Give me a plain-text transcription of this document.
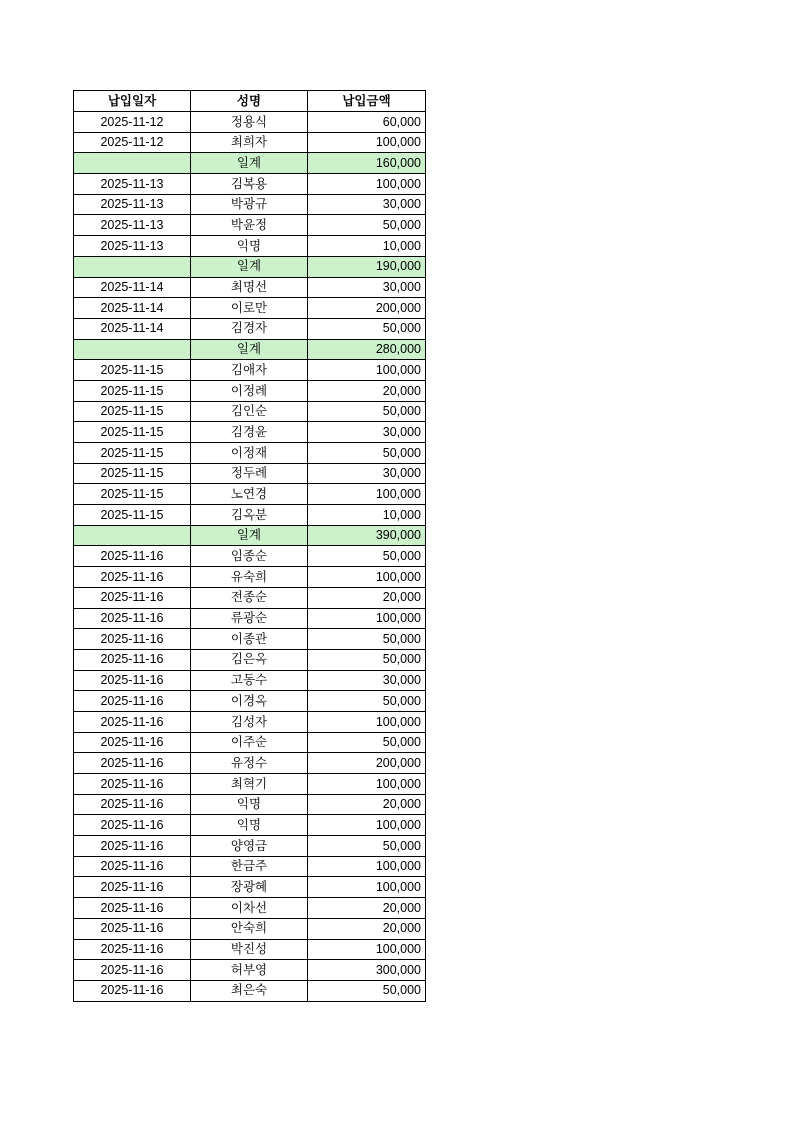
납입일자	성명	납입금액
2025-11-12	정용식	60,000
2025-11-12	최희자	100,000
	일계	160,000
2025-11-13	김복용	100,000
2025-11-13	박광규	30,000
2025-11-13	박윤정	50,000
2025-11-13	익명	10,000
	일계	190,000
2025-11-14	최명선	30,000
2025-11-14	이로만	200,000
2025-11-14	김경자	50,000
	일계	280,000
2025-11-15	김애자	100,000
2025-11-15	이정례	20,000
2025-11-15	김인순	50,000
2025-11-15	김경윤	30,000
2025-11-15	이정재	50,000
2025-11-15	정두례	30,000
2025-11-15	노연경	100,000
2025-11-15	김옥분	10,000
	일계	390,000
2025-11-16	임종순	50,000
2025-11-16	유숙희	100,000
2025-11-16	전종순	20,000
2025-11-16	류광순	100,000
2025-11-16	이종관	50,000
2025-11-16	김은옥	50,000
2025-11-16	고동수	30,000
2025-11-16	이경옥	50,000
2025-11-16	김성자	100,000
2025-11-16	이주순	50,000
2025-11-16	유정수	200,000
2025-11-16	최혁기	100,000
2025-11-16	익명	20,000
2025-11-16	익명	100,000
2025-11-16	양영금	50,000
2025-11-16	한금주	100,000
2025-11-16	장광혜	100,000
2025-11-16	이차선	20,000
2025-11-16	안숙희	20,000
2025-11-16	박진성	100,000
2025-11-16	허부영	300,000
2025-11-16	최은숙	50,000
